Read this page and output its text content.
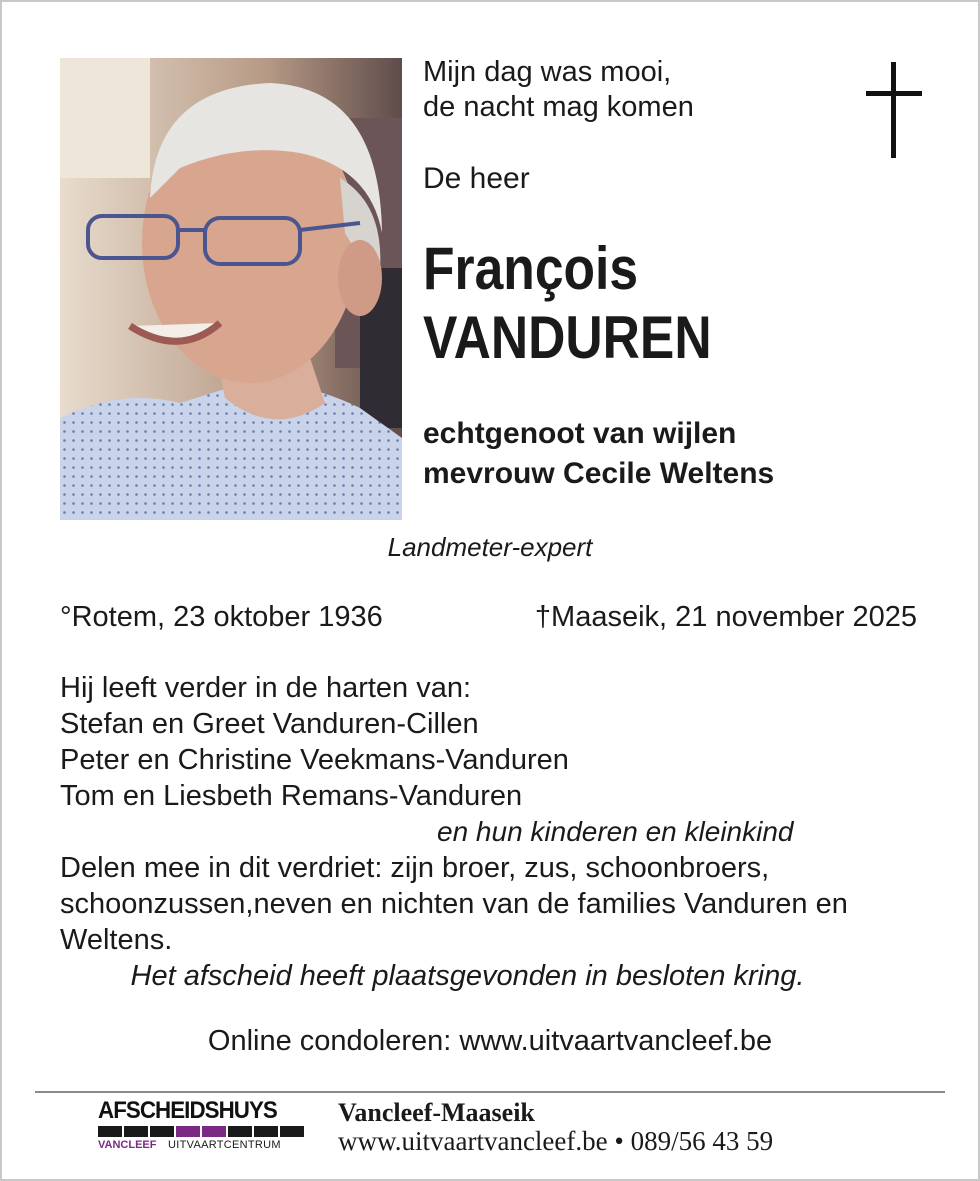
Mijn dag was mooi,
de nacht mag komen
De heer
François
VANDUREN
echtgenoot van wijlen
mevrouw Cecile Weltens
Landmeter-expert
°Rotem, 23 oktober 1936	†Maaseik, 21 november 2025
Hij leeft verder in de harten van:
Stefan en Greet Vanduren-Cillen
Peter en Christine Veekmans-Vanduren
Tom en Liesbeth Remans-Vanduren
en hun kinderen en kleinkind
Delen mee in dit verdriet: zijn broer, zus, schoonbroers, schoonzussen,neven en nichten van de families Vanduren en Weltens.
Het afscheid heeft plaatsgevonden in besloten kring.
Online condoleren: www.uitvaartvancleef.be
AFSCHEIDSHUYS
VANCLEEF	UITVAARTCENTRUM
Vancleef-Maaseik
www.uitvaartvancleef.be • 089/56 43 59
